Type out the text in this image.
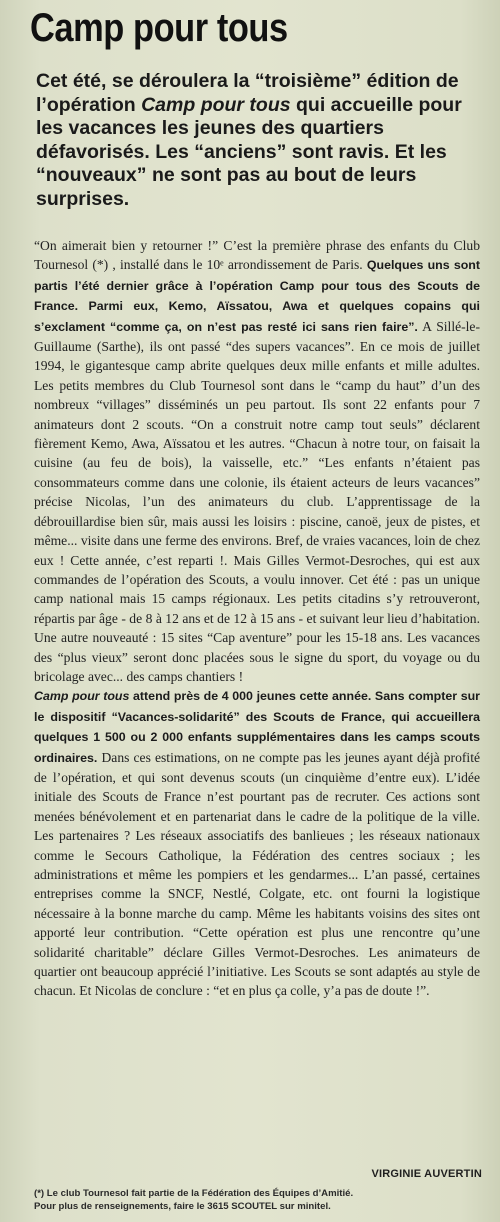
Camp pour tous

Cet été, se déroulera la “troisième” édition de l’opération Camp pour tous qui accueille pour les vacances les jeunes des quartiers défavorisés. Les “anciens” sont ravis. Et les “nouveaux” ne sont pas au bout de leurs surprises.

“On aimerait bien y retourner !” C’est la première phrase des enfants du Club Tournesol (*) , installé dans le 10ᵉ arrondissement de Paris. Quelques uns sont partis l’été dernier grâce à l’opération Camp pour tous des Scouts de France. Parmi eux, Kemo, Aïssatou, Awa et quelques copains qui s’exclament “comme ça, on n’est pas resté ici sans rien faire”. A Sillé-le-Guillaume (Sarthe), ils ont passé “des supers vacances”. En ce mois de juillet 1994, le gigantesque camp abrite quelques deux mille enfants et mille adultes. Les petits membres du Club Tournesol sont dans le “camp du haut” d’un des nombreux “villages” disséminés un peu partout. Ils sont 22 enfants pour 7 animateurs dont 2 scouts. “On a construit notre camp tout seuls” déclarent fièrement Kemo, Awa, Aïssatou et les autres. “Chacun à notre tour, on faisait la cuisine (au feu de bois), la vaisselle, etc.” “Les enfants n’étaient pas consommateurs comme dans une colonie, ils étaient acteurs de leurs vacances” précise Nicolas, l’un des animateurs du club. L’apprentissage de la débrouillardise bien sûr, mais aussi les loisirs : piscine, canoë, jeux de pistes, et même... visite dans une ferme des environs. Bref, de vraies vacances, loin de chez eux ! Cette année, c’est reparti !. Mais Gilles Vermot-Desroches, qui est aux commandes de l’opération des Scouts, a voulu innover. Cet été : pas un unique camp national mais 15 camps régionaux. Les petits citadins s’y retrouveront, répartis par âge - de 8 à 12 ans et de 12 à 15 ans - et suivant leur lieu d’habitation. Une autre nouveauté : 15 sites “Cap aventure” pour les 15-18 ans. Les vacances des “plus vieux” seront donc placées sous le signe du sport, du voyage ou du bricolage avec... des camps chantiers !

Camp pour tous attend près de 4 000 jeunes cette année. Sans compter sur le dispositif “Vacances-solidarité” des Scouts de France, qui accueillera quelques 1 500 ou 2 000 enfants supplémentaires dans les camps scouts ordinaires. Dans ces estimations, on ne compte pas les jeunes ayant déjà profité de l’opération, et qui sont devenus scouts (un cinquième d’entre eux). L’idée initiale des Scouts de France n’est pourtant pas de recruter. Ces actions sont menées bénévolement et en partenariat dans le cadre de la politique de la ville. Les partenaires ? Les réseaux associatifs des banlieues ; les réseaux nationaux comme le Secours Catholique, la Fédération des centres sociaux ; les administrations et même les pompiers et les gendarmes... L’an passé, certaines entreprises comme la SNCF, Nestlé, Colgate, etc. ont fourni la logistique nécessaire à la bonne marche du camp. Même les habitants voisins des sites ont apporté leur contribution. “Cette opération est plus une rencontre qu’une solidarité charitable” déclare Gilles Vermot-Desroches. Les animateurs de quartier ont beaucoup apprécié l’initiative. Les Scouts se sont adaptés au style de chacun. Et Nicolas de conclure : “et en plus ça colle, y’a pas de doute !”.

VIRGINIE AUVERTIN
(*) Le club Tournesol fait partie de la Fédération des Équipes d’Amitié.
Pour plus de renseignements, faire le 3615 SCOUTEL sur minitel.
